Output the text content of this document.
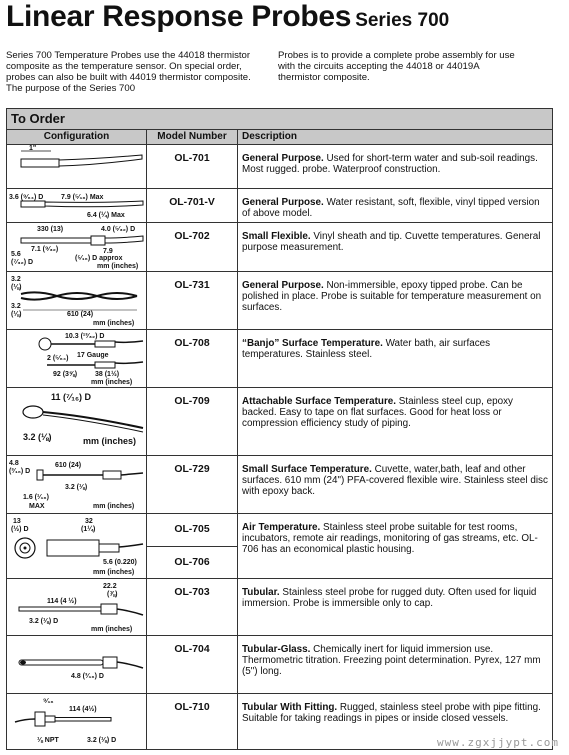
Linear Response Probes Series 700
Series 700 Temperature Probes use the 44018 thermistor composite as the temperature sensor. On special order, probes can also be built with 44019 thermistor composite. The purpose of the Series 700
Probes is to provide a complete probe assembly for use with the circuits accepting the 44018 or 44019A thermistor composite.
To Order
Configuration	Model Number	Description
1"
OL-701	General Purpose. Used for short-term water and sub-soil readings. Most rugged. probe. Waterproof construction.
3.6 (⁹⁄₆₄) D	7.9 (⁵⁄₁₆) Max
6.4 (¼) Max
OL-701-V	General Purpose. Water resistant, soft, flexible, vinyl tipped version of above model.
330 (13)	4.0 (⁵⁄₃₂) D
7.1 (⁹⁄₃₂)
5.6
(⁷⁄₃₂) D
7.9
(⁵⁄₁₆) D approx
mm (inches)
OL-702	Small Flexible. Vinyl sheath and tip. Cuvette temperatures. General purpose measurement.
3.2
(⅛)
3.2
(⅛)	610 (24)
mm (inches)
OL-731	General Purpose. Non-immersible, epoxy tipped probe. Can be polished in place. Probe is suitable for temperature measurement on surfaces.
10.3 (¹³⁄₃₂) D
2 (⁵⁄₆₄) 17 Gauge
92 (3⅝)	38 (1½)
mm (inches)
OL-708	“Banjo” Surface Temperature. Water bath, air surfaces temperatures. Stainless steel.
11 (⁷⁄₁₆) D
3.2 (⅛)	mm (inches)
OL-709	Attachable Surface Temperature. Stainless steel cup, epoxy backed. Easy to tape on flat surfaces. Good for heat loss or compression efficiency study of piping.
4.8
(³⁄₁₆) D
610 (24)
3.2 (⅛)
1.6 (¹⁄₁₆)
MAX	mm (inches)
OL-729	Small Surface Temperature. Cuvette, water,bath, leaf and other surfaces. 610 mm (24") PFA-covered flexible wire. Stainless steel disc with epoxy back.
13
(½) D
32
(1¼)
5.6 (0.220)
mm (inches)
OL-705
OL-706
Air Temperature. Stainless steel probe suitable for test rooms, incubators, remote air readings, monitoring of gas streams, etc. OL-706 has an economical plastic housing.
22.2
(⅞)
114 (4 ½)
3.2 (⅛) D
mm (inches)
OL-703	Tubular. Stainless steel probe for rugged duty. Often used for liquid immersion. Probe is immersible only to cap.
4.8 (³⁄₁₆) D
OL-704	Tubular-Glass. Chemically inert for liquid immersion use. Thermometric titration. Freezing point determination. Pyrex, 127 mm (5") long.
⁹⁄₁₆
114 (4½)
⅛ NPT	3.2 (⅛) D
OL-710	Tubular With Fitting. Rugged, stainless steel probe with pipe fitting. Suitable for taking readings in pipes or inside closed vessels.
www.zgxjjypt.com
